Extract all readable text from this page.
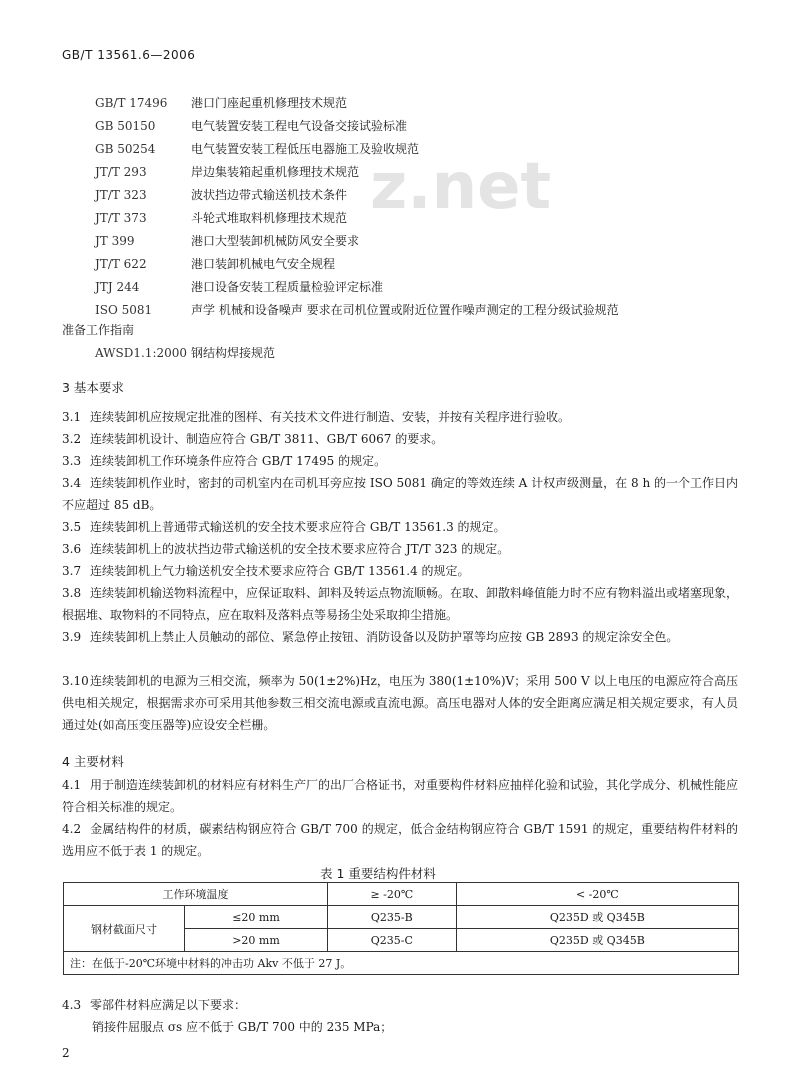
z.net
GB/T 13561.6—2006
GB/T 17496 港口门座起重机修理技术规范
GB 50150	电气装置安装工程电气设备交接试验标准
GB 50254	电气装置安装工程低压电器施工及验收规范
JT/T 293	岸边集装箱起重机修理技术规范
JT/T 323	波状挡边带式输送机技术条件
JT/T 373	斗轮式堆取料机修理技术规范
JT 399	港口大型装卸机械防风安全要求
JT/T 622	港口装卸机械电气安全规程
JTJ 244	港口设备安装工程质量检验评定标准
ISO 5081	声学 机械和设备噪声 要求在司机位置或附近位置作噪声测定的工程分级试验规范
准备工作指南
AWSD1.1:2000 钢结构焊接规范
3 基本要求
3.1 连续装卸机应按规定批准的图样、有关技术文件进行制造、安装，并按有关程序进行验收。
3.2 连续装卸机设计、制造应符合 GB/T 3811、GB/T 6067 的要求。
3.3 连续装卸机工作环境条件应符合 GB/T 17495 的规定。
3.4 连续装卸机作业时，密封的司机室内在司机耳旁应按 ISO 5081 确定的等效连续 A 计权声级测量，在 8 h 的一个工作日内不应超过 85 dB。
3.5 连续装卸机上普通带式输送机的安全技术要求应符合 GB/T 13561.3 的规定。
3.6 连续装卸机上的波状挡边带式输送机的安全技术要求应符合 JT/T 323 的规定。
3.7 连续装卸机上气力输送机安全技术要求应符合 GB/T 13561.4 的规定。
3.8 连续装卸机输送物料流程中，应保证取料、卸料及转运点物流顺畅。在取、卸散料峰值能力时不应有物料溢出或堵塞现象，根据堆、取物料的不同特点，应在取料及落料点等易扬尘处采取抑尘措施。
3.9 连续装卸机上禁止人员触动的部位、紧急停止按钮、消防设备以及防护罩等均应按 GB 2893 的规定涂安全色。
3.10连续装卸机的电源为三相交流，频率为 50(1±2%)Hz，电压为 380(1±10%)V；采用 500 V 以上电压的电源应符合高压供电相关规定，根据需求亦可采用其他参数三相交流电源或直流电源。高压电器对人体的安全距离应满足相关规定要求，有人员通过处(如高压变压器等)应设安全栏栅。
4 主要材料
4.1 用于制造连续装卸机的材料应有材料生产厂的出厂合格证书，对重要构件材料应抽样化验和试验，其化学成分、机械性能应符合相关标准的规定。
4.2 金属结构件的材质，碳素结构钢应符合 GB/T 700 的规定，低合金结构钢应符合 GB/T 1591 的规定，重要结构件材料的选用应不低于表 1 的规定。
表 1 重要结构件材料
工作环境温度		≥ -20℃	< -20℃
钢材截面尺寸	≤20 mm	Q235-B	Q235D 或 Q345B
	>20 mm	Q235-C	Q235D 或 Q345B
注：在低于-20℃环境中材料的冲击功 Akv 不低于 27 J。			
4.3 零部件材料应满足以下要求：
销接件屈服点 σs 应不低于 GB/T 700 中的 235 MPa；
2
